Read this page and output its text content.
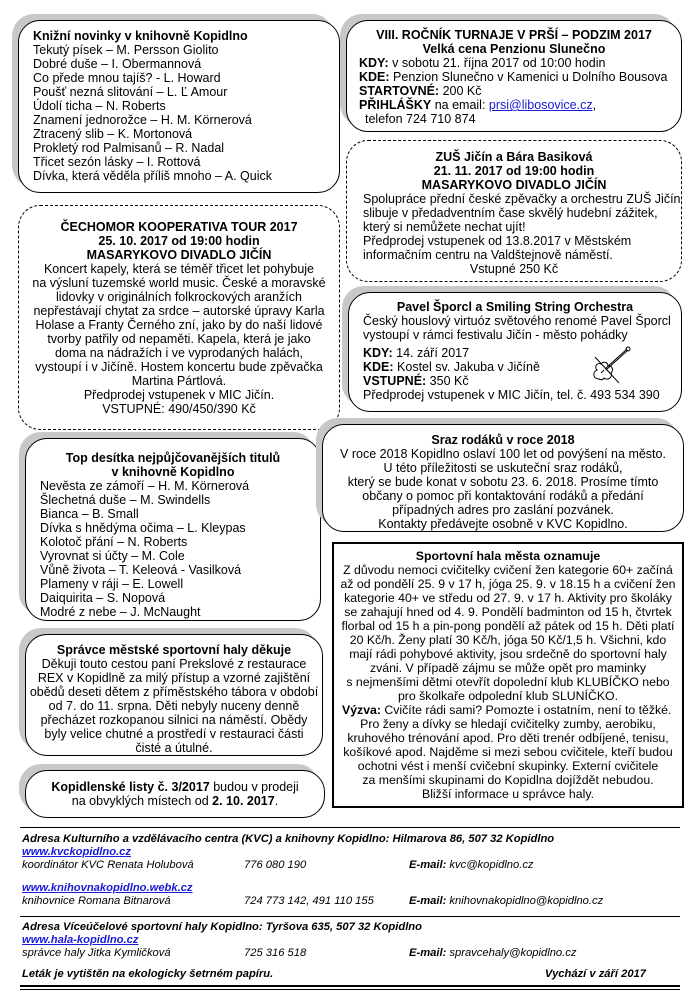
Knižní novinky v knihovně Kopidlno
Tekutý písek – M. Persson Giolito
Dobré duše – I. Obermannová
Co přede mnou tajíš? - L. Howard
Poušť nezná slitování – L. Ľ Amour
Údolí ticha – N. Roberts
Znamení jednorožce – H. M. Körnerová
Ztracený slib – K. Mortonová
Prokletý rod Palmisanů – R. Nadal
Třicet sezón lásky – I. Rottová
Dívka, která věděla příliš mnoho – A. Quick
ČECHOMOR KOOPERATIVA TOUR 2017
25. 10. 2017 od 19:00 hodin
MASARYKOVO DIVADLO JIČÍN
Koncert kapely, která se téměř třicet let pohybuje
na výsluní tuzemské world music. České a moravské
lidovky v originálních folkrockových aranžích
nepřestávají chytat za srdce – autorské úpravy Karla
Holase a Franty Černého zní, jako by do naší lidové
tvorby patřily od nepaměti. Kapela, která je jako
doma na nádražích i ve vyprodaných halách,
vystoupí i v Jičíně. Hostem koncertu bude zpěvačka
Martina Pártlová.
Předprodej vstupenek v MIC Jičín.
VSTUPNÉ: 490/450/390 Kč
Top desítka nejpůjčovanějších titulů
v knihovně Kopidlno
Nevěsta ze zámoří – H. M. Körnerová
Šlechetná duše – M. Swindells
Bianca – B. Small
Dívka s hnědýma očima – L. Kleypas
Kolotoč přání – N. Roberts
Vyrovnat si účty – M. Cole
Vůně života – T. Keleová - Vasilková
Plameny v ráji – E. Lowell
Daiquirita – S. Nopová
Modré z nebe – J. McNaught
Správce městské sportovní haly děkuje
Děkuji touto cestou paní Prekslové z restaurace
REX v Kopidlně za milý přístup a vzorné zajištění
obědů deseti dětem z příměstského tábora v období
od 7. do 11. srpna. Děti nebyly nuceny denně
přecházet rozkopanou silnici na náměstí. Obědy
byly velice chutné a prostředí v restauraci části
čisté a útulné.
Kopidlenské listy č. 3/2017 budou v prodeji
na obvyklých místech od 2. 10. 2017.
VIII. ROČNÍK TURNAJE V PRŠÍ – PODZIM 2017
Velká cena Penzionu Slunečno
KDY: v sobotu 21. října 2017 od 10:00 hodin
KDE: Penzion Slunečno v Kamenici u Dolního Bousova
STARTOVNÉ: 200 Kč
PŘIHLÁŠKY na email: prsi@libosovice.cz,
telefon 724 710 874
ZUŠ Jičín a Bára Basiková
21. 11. 2017 od 19:00 hodin
MASARYKOVO DIVADLO JIČÍN
Spolupráce přední české zpěvačky a orchestru ZUŠ Jičín
slibuje v předadventním čase skvělý hudební zážitek,
který si nemůžete nechat ujít!
Předprodej vstupenek od 13.8.2017 v Městském
informačním centru na Valdštejnově náměstí.
Vstupné 250 Kč
Pavel Šporcl a Smiling String Orchestra
Český houslový virtuóz světového renomé Pavel Šporcl
vystoupí v rámci festivalu Jičín - město pohádky
KDY: 14. září 2017
KDE: Kostel sv. Jakuba v Jičíně
VSTUPNÉ: 350 Kč
Předprodej vstupenek v MIC Jičín, tel. č. 493 534 390
Sraz rodáků v roce 2018
V roce 2018 Kopidlno oslaví 100 let od povýšení na město.
U této příležitosti se uskuteční sraz rodáků,
který se bude konat v sobotu 23. 6. 2018. Prosíme tímto
občany o pomoc při kontaktování rodáků a předání
případných adres pro zaslání pozvánek.
Kontakty předávejte osobně v KVC Kopidlno.
Sportovní hala města oznamuje
Z důvodu nemoci cvičitelky cvičení žen kategorie 60+ začíná
až od pondělí 25. 9 v 17 h, jóga 25. 9. v 18.15 h a cvičení žen
kategorie 40+ ve středu od 27. 9. v 17 h. Aktivity pro školáky
se zahajují hned od 4. 9. Pondělí badminton od 15 h, čtvrtek
florbal od 15 h a pin-pong pondělí až pátek od 15 h. Děti platí
20 Kč/h. Ženy platí 30 Kč/h, jóga 50 Kč/1,5 h. Všichni, kdo
mají rádi pohybové aktivity, jsou srdečně do sportovní haly
zváni. V případě zájmu se může opět pro maminky
s nejmenšími dětmi otevřít dopolední klub KLUBÍČKO nebo
pro školkaře odpolední klub SLUNÍČKO.
Výzva: Cvičíte rádi sami? Pomozte i ostatním, není to těžké.
Pro ženy a dívky se hledají cvičitelky zumby, aerobiku,
kruhového trénování apod. Pro děti trenér odbíjené, tenisu,
košíkové apod. Najděme si mezi sebou cvičitele, kteří budou
ochotni vést i menší cvičební skupinky. Externí cvičitele
za menšími skupinami do Kopidlna dojíždět nebudou.
Bližší informace u správce haly.
Adresa Kulturního a vzdělávacího centra (KVC) a knihovny Kopidlno: Hilmarova 86, 507 32 Kopidlno
www.kvckopidlno.cz
koordinátor KVC Renata Holubová	776 080 190	E-mail: kvc@kopidlno.cz
www.knihovnakopidlno.webk.cz
knihovnice Romana Bitnarová	724 773 142, 491 110 155	E-mail: knihovnakopidlno@kopidlno.cz
Adresa Víceúčelové sportovní haly Kopidlno: Tyršova 635, 507 32 Kopidlno
www.hala-kopidlno.cz
správce haly Jitka Kymličková	725 316 518	E-mail: spravcehaly@kopidlno.cz
Leták je vytištěn na ekologicky šetrném papíru.	Vychází v září 2017
